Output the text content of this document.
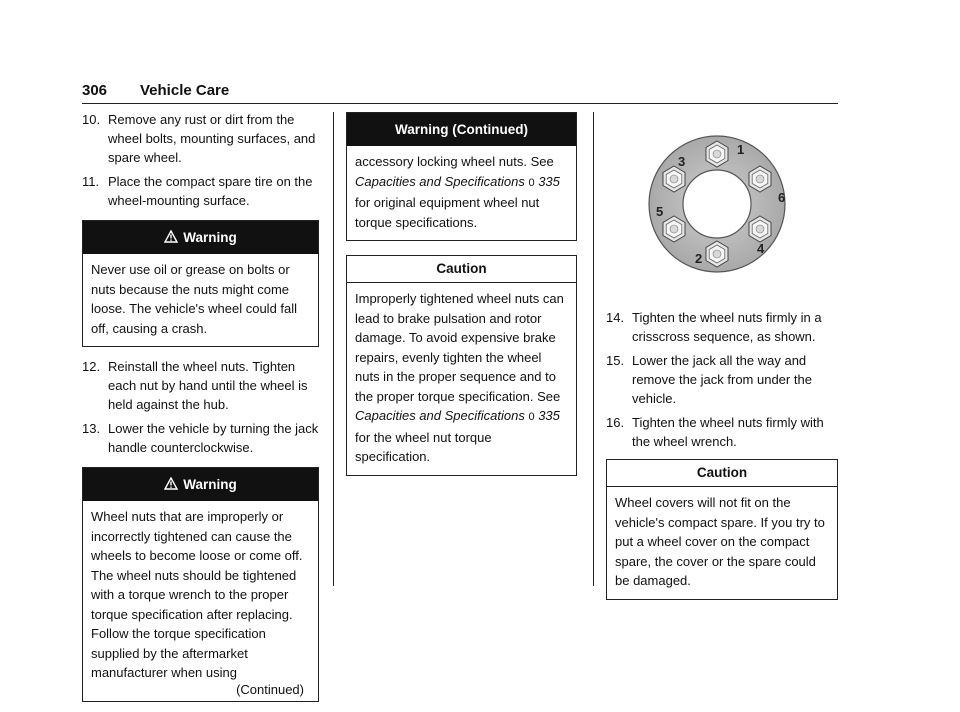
306 Vehicle Care
10. Remove any rust or dirt from the wheel bolts, mounting surfaces, and spare wheel.
11. Place the compact spare tire on the wheel-mounting surface.
Warning
Never use oil or grease on bolts or nuts because the nuts might come loose. The vehicle's wheel could fall off, causing a crash.
12. Reinstall the wheel nuts. Tighten each nut by hand until the wheel is held against the hub.
13. Lower the vehicle by turning the jack handle counterclockwise.
Warning
Wheel nuts that are improperly or incorrectly tightened can cause the wheels to become loose or come off. The wheel nuts should be tightened with a torque wrench to the proper torque specification after replacing. Follow the torque specification supplied by the aftermarket manufacturer when using
(Continued)
Warning (Continued)
accessory locking wheel nuts. See Capacities and Specifications 0 335 for original equipment wheel nut torque specifications.
Caution
Improperly tightened wheel nuts can lead to brake pulsation and rotor damage. To avoid expensive brake repairs, evenly tighten the wheel nuts in the proper sequence and to the proper torque specification. See Capacities and Specifications 0 335 for the wheel nut torque specification.
1
2
3
4
5
6
14. Tighten the wheel nuts firmly in a crisscross sequence, as shown.
15. Lower the jack all the way and remove the jack from under the vehicle.
16. Tighten the wheel nuts firmly with the wheel wrench.
Caution
Wheel covers will not fit on the vehicle's compact spare. If you try to put a wheel cover on the compact spare, the cover or the spare could be damaged.
